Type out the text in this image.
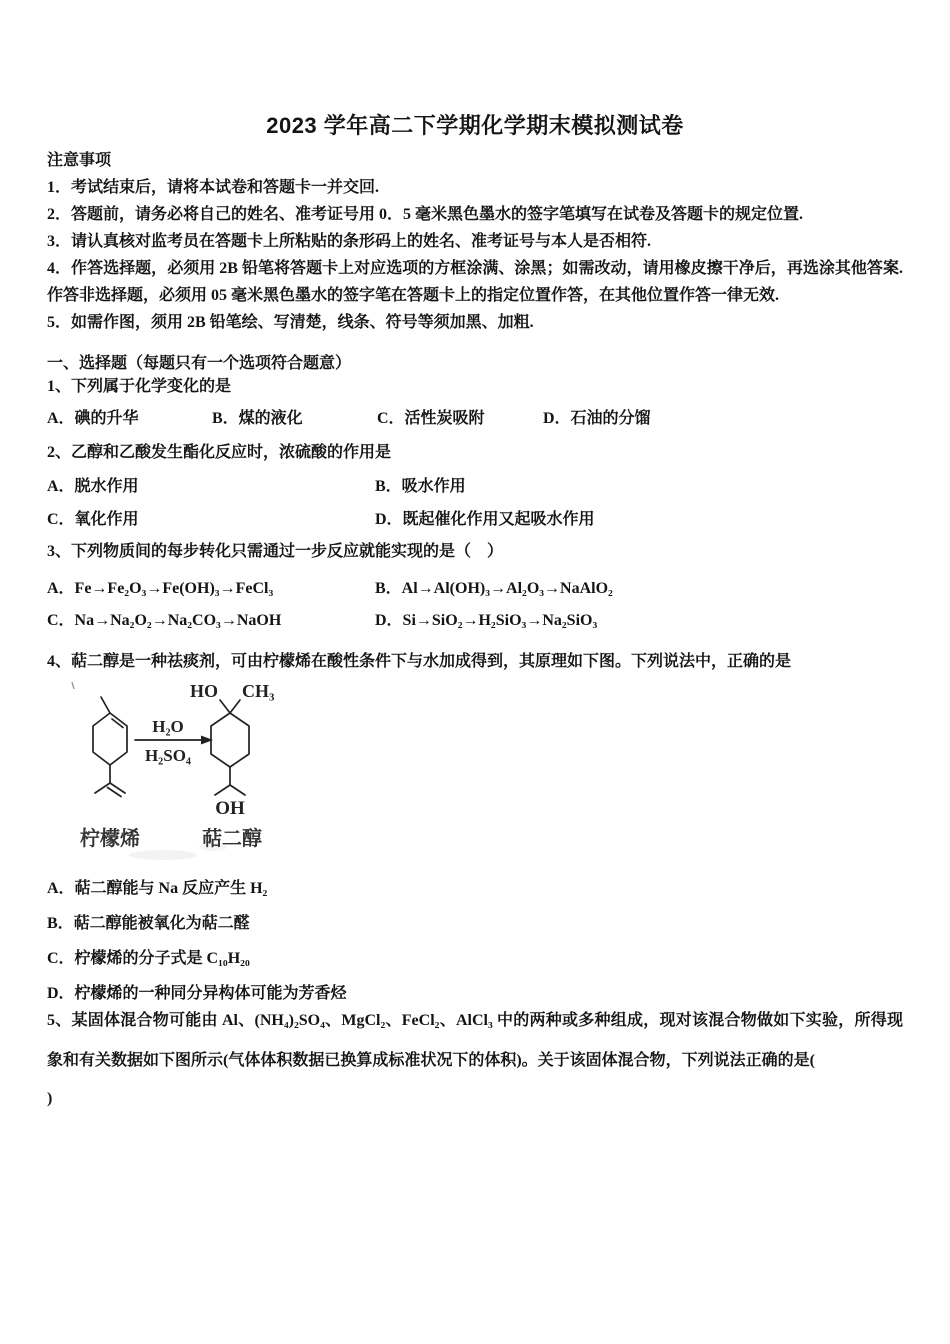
2023 学年高二下学期化学期末模拟测试卷
注意事项
1．考试结束后，请将本试卷和答题卡一并交回.
2．答题前，请务必将自己的姓名、准考证号用 0．5 毫米黑色墨水的签字笔填写在试卷及答题卡的规定位置.
3．请认真核对监考员在答题卡上所粘贴的条形码上的姓名、准考证号与本人是否相符.
4．作答选择题，必须用 2B 铅笔将答题卡上对应选项的方框涂满、涂黑；如需改动，请用橡皮擦干净后，再选涂其他答案. 作答非选择题，必须用 05 毫米黑色墨水的签字笔在答题卡上的指定位置作答，在其他位置作答一律无效.
5．如需作图，须用 2B 铅笔绘、写清楚，线条、符号等须加黑、加粗.
一、选择题（每题只有一个选项符合题意）
1、下列属于化学变化的是
A．碘的升华	B．煤的液化	C．活性炭吸附	D．石油的分馏
2、乙醇和乙酸发生酯化反应时，浓硫酸的作用是
A．脱水作用	B．吸水作用
C．氧化作用	D．既起催化作用又起吸水作用
3、下列物质间的每步转化只需通过一步反应就能实现的是（　）
A．Fe→Fe₂O₃→Fe(OH)₃→FeCl₃	B．Al→Al(OH)₃→Al₂O₃→NaAlO₂
C．Na→Na₂O₂→Na₂CO₃→NaOH	D．Si→SiO₂→H₂SiO₃→Na₂SiO₃
4、萜二醇是一种祛痰剂，可由柠檬烯在酸性条件下与水加成得到，其原理如下图。下列说法中，正确的是
H₂O
H₂SO₄
HO CH₃
OH
柠檬烯	萜二醇
A．萜二醇能与 Na 反应产生 H₂
B．萜二醇能被氧化为萜二醛
C．柠檬烯的分子式是 C₁₀H₂₀
D．柠檬烯的一种同分异构体可能为芳香烃
5、某固体混合物可能由 Al、(NH₄)₂SO₄、MgCl₂、FeCl₂、AlCl₃ 中的两种或多种组成，现对该混合物做如下实验，所得现象和有关数据如下图所示(气体体积数据已换算成标准状况下的体积)。关于该固体混合物，下列说法正确的是(
)
